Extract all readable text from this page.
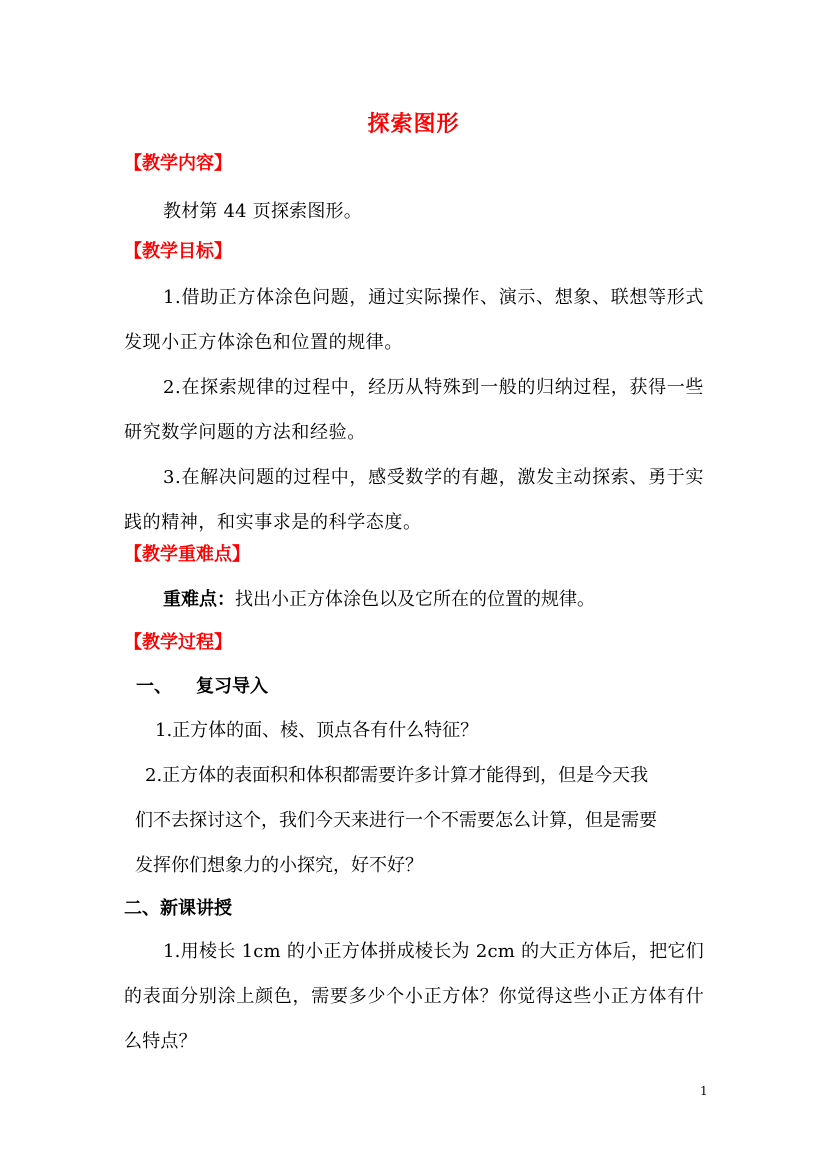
探索图形
【教学内容】
教材第 44 页探索图形。
【教学目标】
1.借助正方体涂色问题，通过实际操作、演示、想象、联想等形式发现小正方体涂色和位置的规律。
2.在探索规律的过程中，经历从特殊到一般的归纳过程，获得一些研究数学问题的方法和经验。
3.在解决问题的过程中，感受数学的有趣，激发主动探索、勇于实践的精神，和实事求是的科学态度。
【教学重难点】
重难点：找出小正方体涂色以及它所在的位置的规律。
【教学过程】
一、 复习导入
1.正方体的面、棱、顶点各有什么特征？
2.正方体的表面积和体积都需要许多计算才能得到，但是今天我
们不去探讨这个，我们今天来进行一个不需要怎么计算，但是需要
发挥你们想象力的小探究，好不好？
二、新课讲授
1.用棱长 1cm 的小正方体拼成棱长为 2cm 的大正方体后，把它们的表面分别涂上颜色，需要多少个小正方体？你觉得这些小正方体有什么特点？
1
